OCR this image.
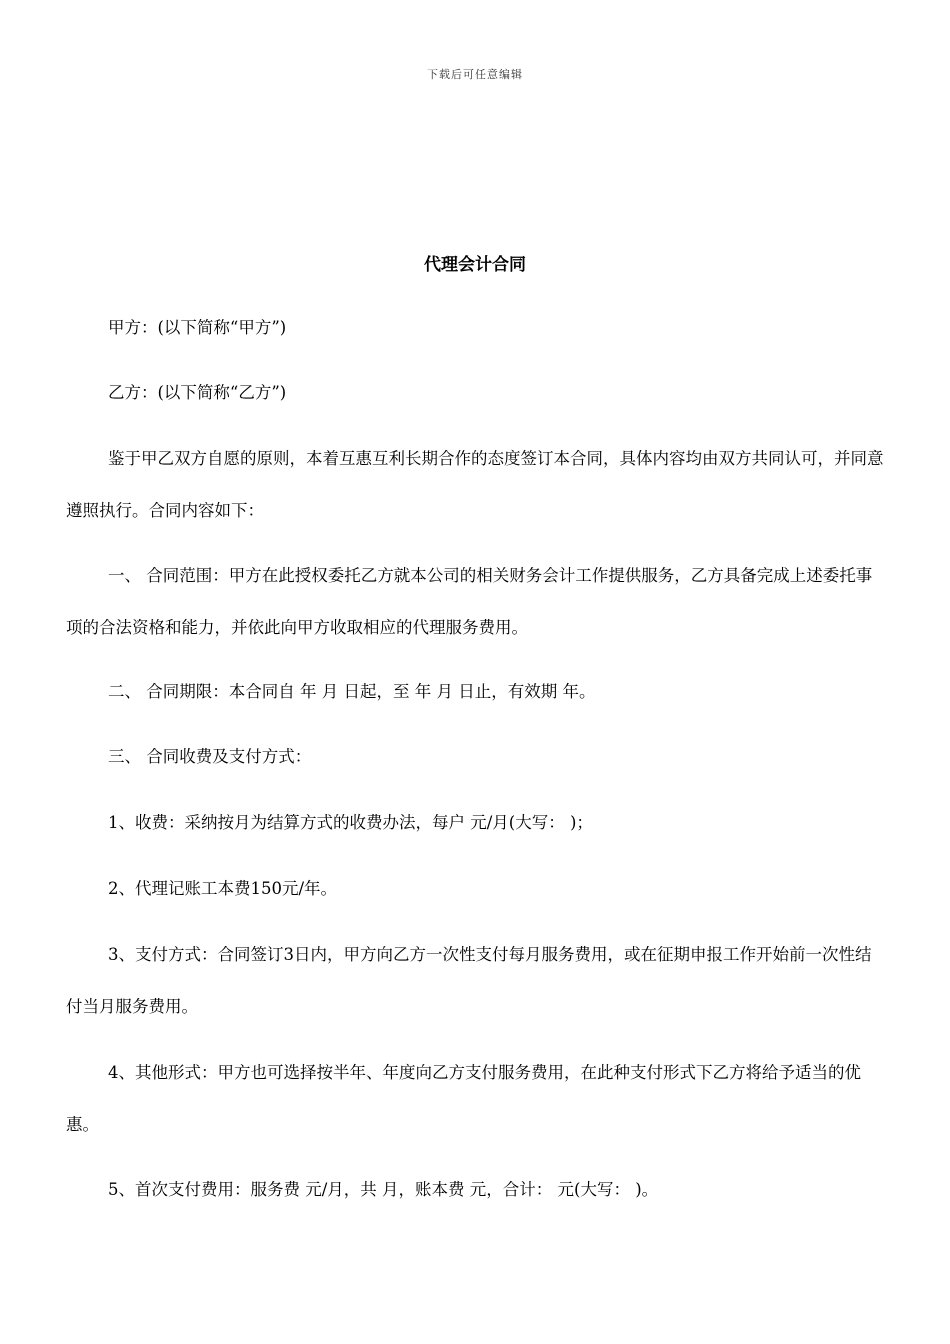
下载后可任意编辑
代理会计合同

甲方：(以下简称“甲方”)

乙方：(以下简称“乙方”)

鉴于甲乙双方自愿的原则，本着互惠互利长期合作的态度签订本合同，具体内容均由双方共同认可，并同意遵照执行。合同内容如下：

一、 合同范围：甲方在此授权委托乙方就本公司的相关财务会计工作提供服务，乙方具备完成上述委托事项的合法资格和能力，并依此向甲方收取相应的代理服务费用。

二、 合同期限：本合同自 年 月 日起，至 年 月 日止，有效期 年。

三、 合同收费及支付方式：

1、收费：采纳按月为结算方式的收费办法，每户 元/月(大写： )；

2、代理记账工本费150元/年。

3、支付方式：合同签订3日内，甲方向乙方一次性支付每月服务费用，或在征期申报工作开始前一次性结付当月服务费用。

4、其他形式：甲方也可选择按半年、年度向乙方支付服务费用，在此种支付形式下乙方将给予适当的优惠。

5、首次支付费用：服务费 元/月，共 月，账本费 元，合计： 元(大写： )。
